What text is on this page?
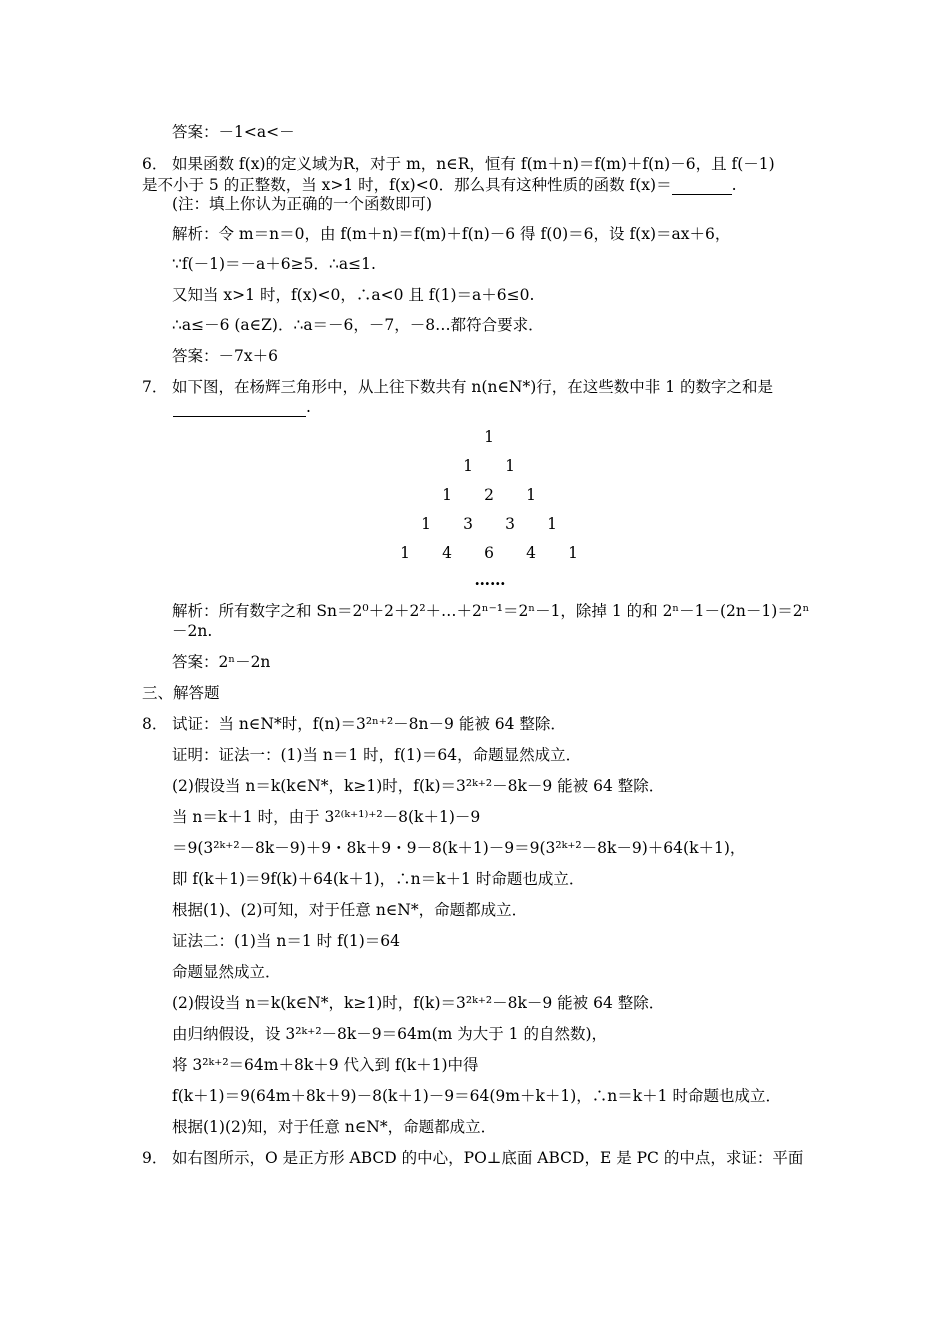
答案：－1<a<－
6． 如果函数 f(x)的定义域为R，对于 m，n∈R，恒有 f(m＋n)＝f(m)＋f(n)－6，且 f(－1)
是不小于 5 的正整数，当 x>1 时，f(x)<0．那么具有这种性质的函数 f(x)＝	.
(注：填上你认为正确的一个函数即可)
解析：令 m＝n＝0，由 f(m＋n)＝f(m)＋f(n)－6 得 f(0)＝6，设 f(x)＝ax＋6，
∵f(－1)＝－a＋6≥5．∴a≤1.
又知当 x>1 时，f(x)<0，∴a<0 且 f(1)＝a＋6≤0.
∴a≤－6 (a∈Z)．∴a＝－6，－7，－8…都符合要求．
答案：－7x＋6
7． 如下图，在杨辉三角形中，从上往下数共有 n(n∈N*)行，在这些数中非 1 的数字之和是
.
1
1	1
1	2	1
1	3	3	1
1	4	6	4	1
……
解析：所有数字之和 Sn＝2⁰＋2＋2²＋…＋2ⁿ⁻¹＝2ⁿ－1，除掉 1 的和 2ⁿ－1－(2n－1)＝2ⁿ
－2n.
答案：2ⁿ－2n
三、解答题
8． 试证：当 n∈N*时，f(n)＝3²ⁿ⁺²－8n－9 能被 64 整除．
证明：证法一：(1)当 n＝1 时，f(1)＝64，命题显然成立．
(2)假设当 n＝k(k∈N*，k≥1)时，f(k)＝3²ᵏ⁺²－8k－9 能被 64 整除．
当 n＝k＋1 时，由于 3²⁽ᵏ⁺¹⁾⁺²－8(k＋1)－9
＝9(3²ᵏ⁺²－8k－9)＋9・8k＋9・9－8(k＋1)－9＝9(3²ᵏ⁺²－8k－9)＋64(k＋1)，
即 f(k＋1)＝9f(k)＋64(k＋1)，∴n＝k＋1 时命题也成立．
根据(1)、(2)可知，对于任意 n∈N*，命题都成立．
证法二：(1)当 n＝1 时 f(1)＝64
命题显然成立．
(2)假设当 n＝k(k∈N*，k≥1)时，f(k)＝3²ᵏ⁺²－8k－9 能被 64 整除．
由归纳假设，设 3²ᵏ⁺²－8k－9＝64m(m 为大于 1 的自然数)，
将 3²ᵏ⁺²＝64m＋8k＋9 代入到 f(k＋1)中得
f(k＋1)＝9(64m＋8k＋9)－8(k＋1)－9＝64(9m＋k＋1)，∴n＝k＋1 时命题也成立．
根据(1)(2)知，对于任意 n∈N*，命题都成立．
9． 如右图所示，O 是正方形 ABCD 的中心，PO⊥底面 ABCD，E 是 PC 的中点，求证：平面
